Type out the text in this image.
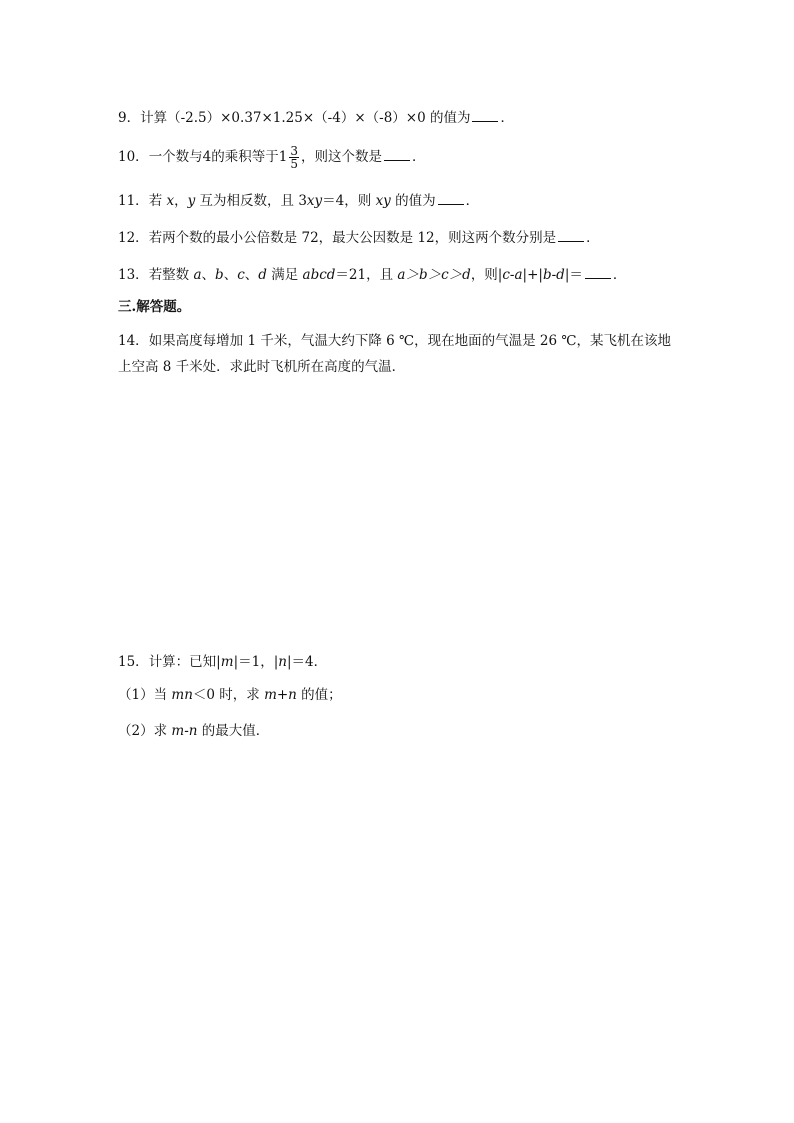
9．计算（-2.5）×0.37×1.25×（-4）×（-8）×0 的值为 ．
10．一个数与4的乘积等于$1 \frac{3}{5}$ ，则这个数是 ．
11．若 x，y 互为相反数，且 3xy＝4，则 xy 的值为 ．
12．若两个数的最小公倍数是 72，最大公因数是 12，则这两个数分别是 ．
13．若整数 a、b、c、d 满足 abcd＝21，且 a＞b＞c＞d，则|c-a|+|b-d|＝ ．
三.解答题。
14．如果高度每增加 1 千米，气温大约下降 6 ℃，现在地面的气温是 26 ℃，某飞机在该地
上空高 8 千米处．求此时飞机所在高度的气温．
15．计算：已知|m|＝1，|n|＝4．
（1）当 mn＜0 时，求 m+n 的值；
（2）求 m-n 的最大值．
